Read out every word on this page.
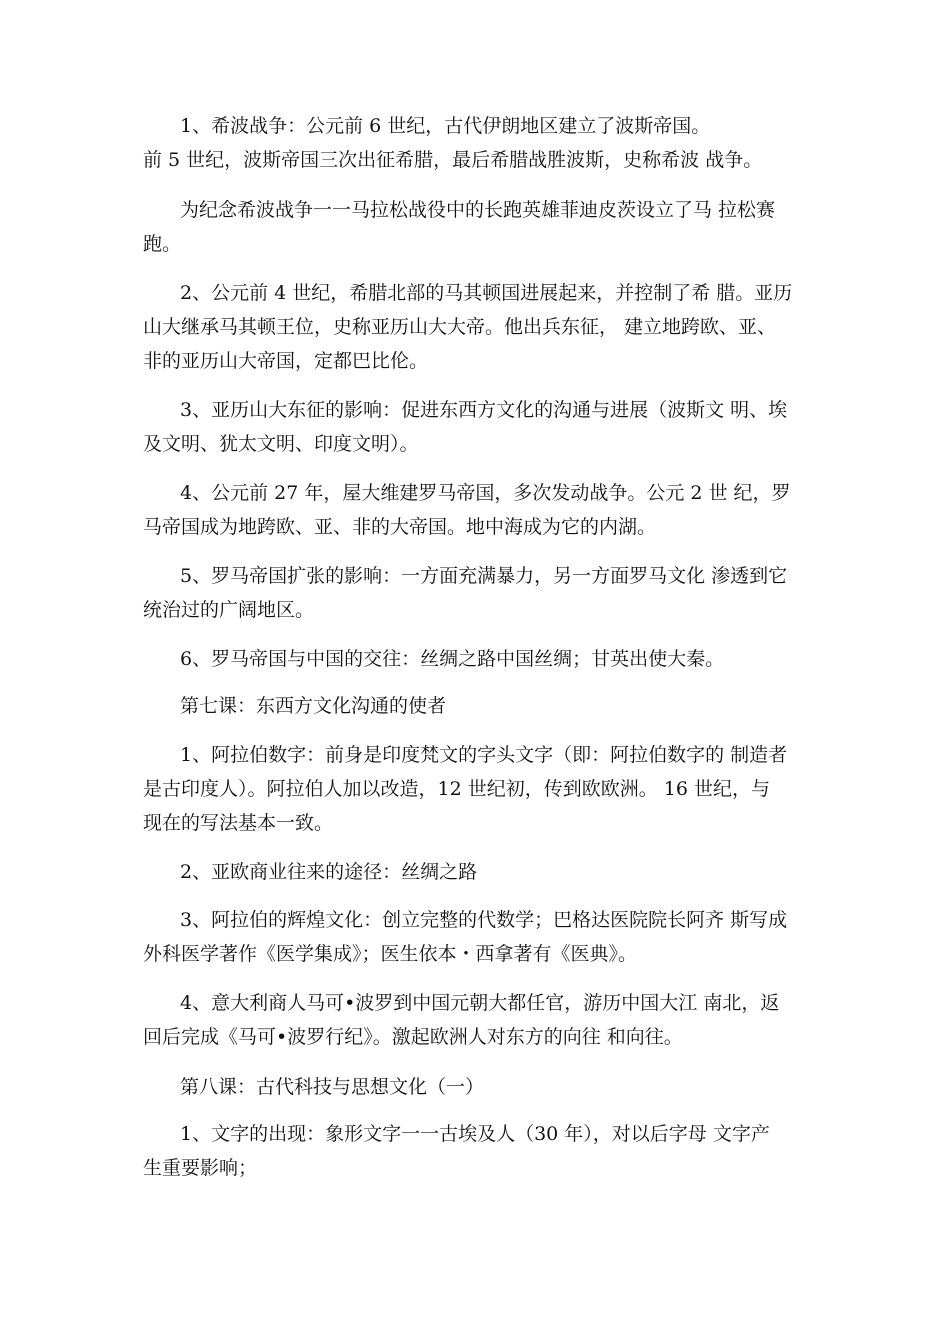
1、希波战争：公元前 6 世纪，古代伊朗地区建立了波斯帝国。
前 5 世纪，波斯帝国三次出征希腊，最后希腊战胜波斯，史称希波 战争。
为纪念希波战争一一马拉松战役中的长跑英雄菲迪皮茨设立了马 拉松赛
跑。
2、公元前 4 世纪，希腊北部的马其顿国进展起来，并控制了希 腊。亚历
山大继承马其顿王位，史称亚历山大大帝。他出兵东征， 建立地跨欧、亚、
非的亚历山大帝国，定都巴比伦。
3、亚历山大东征的影响：促进东西方文化的沟通与进展（波斯文 明、埃
及文明、犹太文明、印度文明）。
4、公元前 27 年，屋大维建罗马帝国，多次发动战争。公元 2 世 纪，罗
马帝国成为地跨欧、亚、非的大帝国。地中海成为它的内湖。
5、罗马帝国扩张的影响：一方面充满暴力，另一方面罗马文化 渗透到它
统治过的广阔地区。
6、罗马帝国与中国的交往：丝绸之路中国丝绸；甘英出使大秦。
第七课：东西方文化沟通的使者
1、阿拉伯数字：前身是印度梵文的字头文字（即：阿拉伯数字的 制造者
是古印度人）。阿拉伯人加以改造，12 世纪初，传到欧欧洲。 16 世纪，与
现在的写法基本一致。
2、亚欧商业往来的途径：丝绸之路
3、阿拉伯的辉煌文化：创立完整的代数学；巴格达医院院长阿齐 斯写成
外科医学著作《医学集成》；医生依本・西拿著有《医典》。
4、意大利商人马可•波罗到中国元朝大都任官，游历中国大江 南北，返
回后完成《马可•波罗行纪》。激起欧洲人对东方的向往 和向往。
第八课：古代科技与思想文化（一）
1、文字的出现：象形文字一一古埃及人（30 年），对以后字母 文字产
生重要影响；
